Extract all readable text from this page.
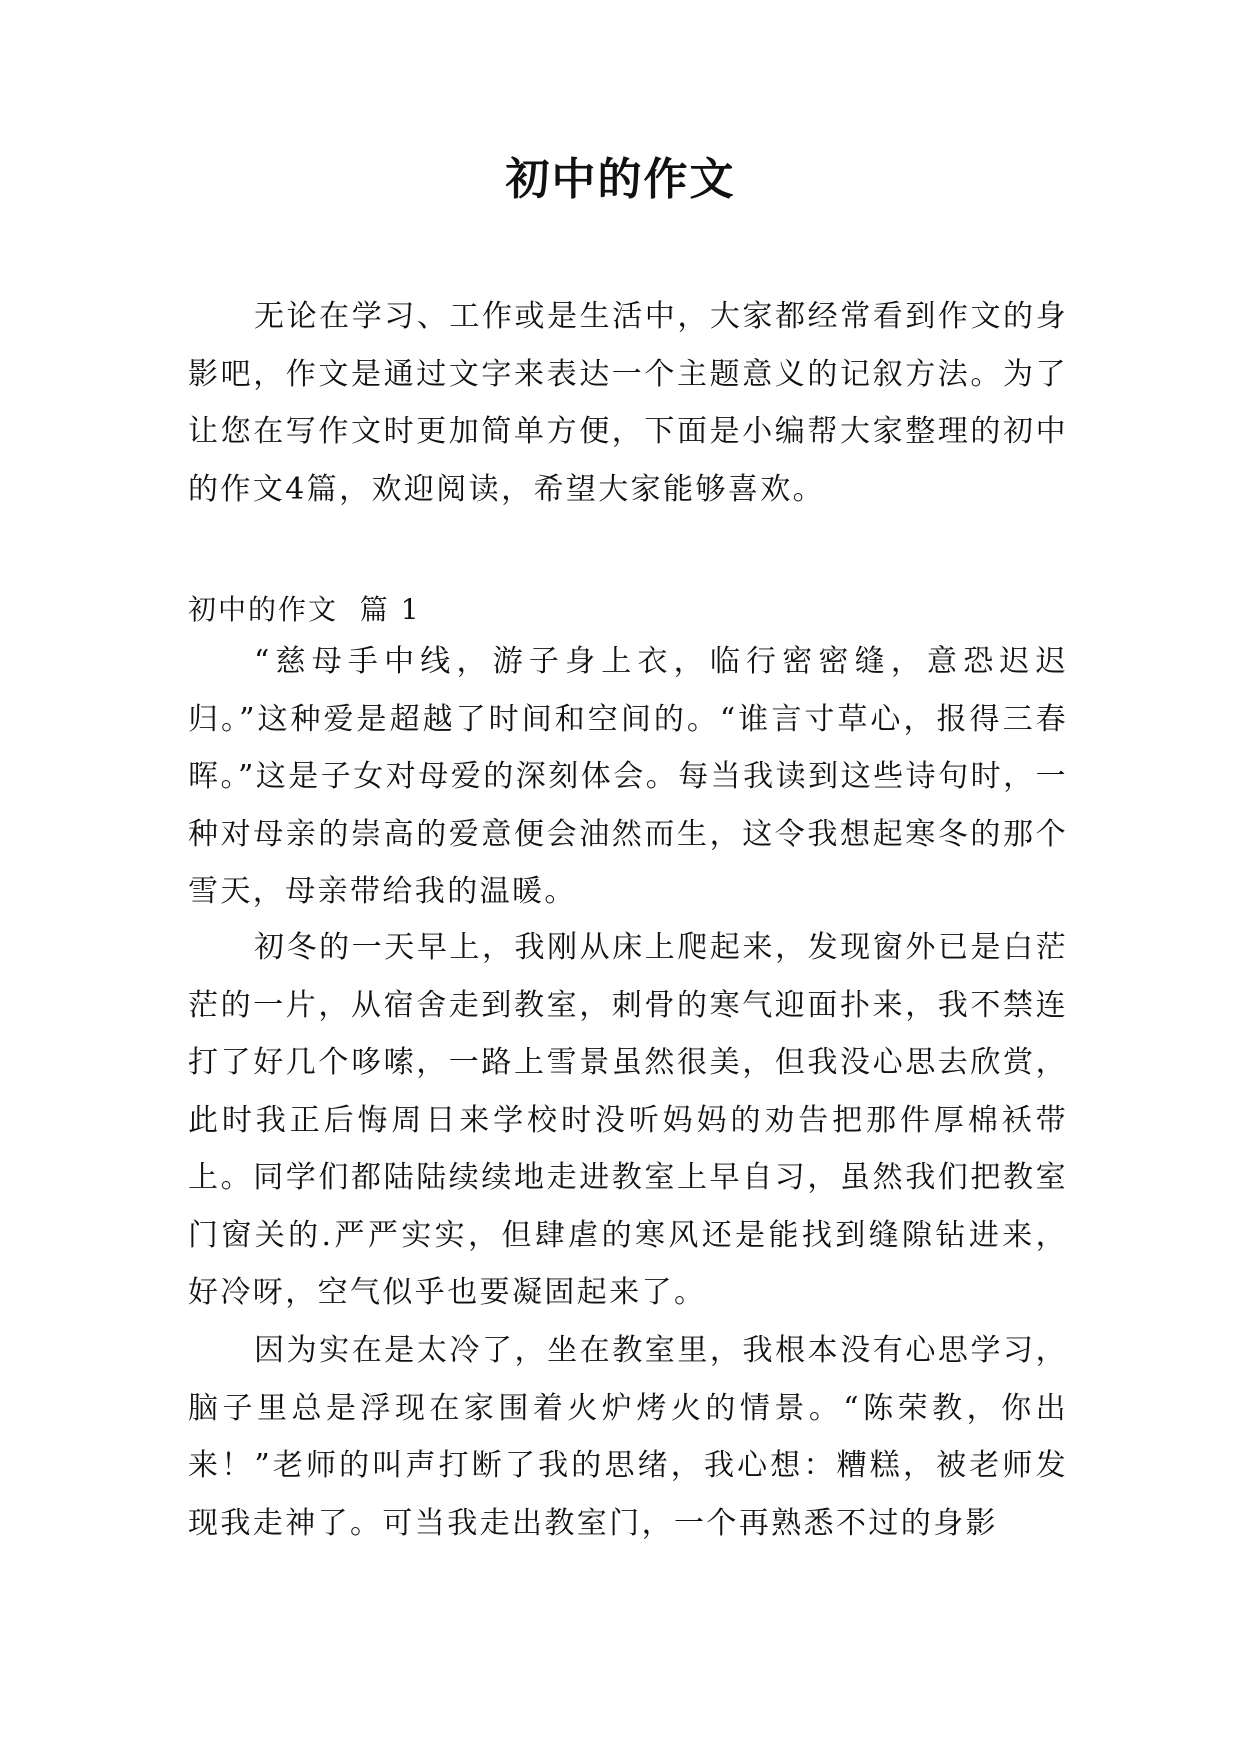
初中的作文

无论在学习、工作或是生活中，大家都经常看到作文的身影吧，作文是通过文字来表达一个主题意义的记叙方法。为了让您在写作文时更加简单方便，下面是小编帮大家整理的初中的作文4篇，欢迎阅读，希望大家能够喜欢。

初中的作文  篇 1

“慈母手中线，游子身上衣，临行密密缝，意恐迟迟归。”这种爱是超越了时间和空间的。“谁言寸草心，报得三春晖。”这是子女对母爱的深刻体会。每当我读到这些诗句时，一种对母亲的崇高的爱意便会油然而生，这令我想起寒冬的那个雪天，母亲带给我的温暖。

初冬的一天早上，我刚从床上爬起来，发现窗外已是白茫茫的一片，从宿舍走到教室，刺骨的寒气迎面扑来，我不禁连打了好几个哆嗦，一路上雪景虽然很美，但我没心思去欣赏，此时我正后悔周日来学校时没听妈妈的劝告把那件厚棉袄带上。同学们都陆陆续续地走进教室上早自习，虽然我们把教室门窗关的.严严实实，但肆虐的寒风还是能找到缝隙钻进来，好冷呀，空气似乎也要凝固起来了。

因为实在是太冷了，坐在教室里，我根本没有心思学习，脑子里总是浮现在家围着火炉烤火的情景。“陈荣教，你出来！”老师的叫声打断了我的思绪，我心想：糟糕，被老师发现我走神了。可当我走出教室门，一个再熟悉不过的身影
